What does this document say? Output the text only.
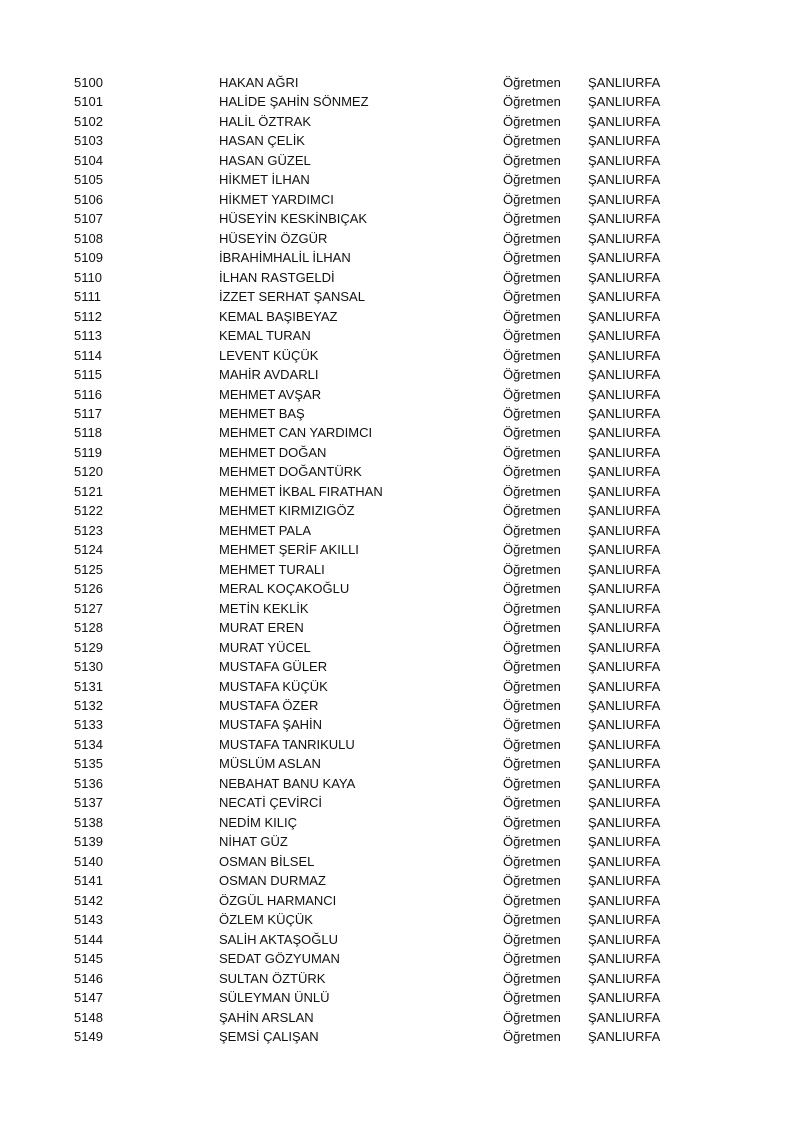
5100	HAKAN AĞRI	Öğretmen ŞANLIURFA
5101	HALİDE ŞAHİN SÖNMEZ	Öğretmen ŞANLIURFA
5102	HALİL ÖZTRAK	Öğretmen ŞANLIURFA
5103	HASAN ÇELİK	Öğretmen ŞANLIURFA
5104	HASAN GÜZEL	Öğretmen ŞANLIURFA
5105	HİKMET İLHAN	Öğretmen ŞANLIURFA
5106	HİKMET YARDIMCI	Öğretmen ŞANLIURFA
5107	HÜSEYİN KESKİNBIÇAK	Öğretmen ŞANLIURFA
5108	HÜSEYİN ÖZGÜR	Öğretmen ŞANLIURFA
5109	İBRAHİMHALİL İLHAN	Öğretmen ŞANLIURFA
5110	İLHAN RASTGELDİ	Öğretmen ŞANLIURFA
5111	İZZET SERHAT ŞANSAL	Öğretmen ŞANLIURFA
5112	KEMAL BAŞIBEYAZ	Öğretmen ŞANLIURFA
5113	KEMAL TURAN	Öğretmen ŞANLIURFA
5114	LEVENT KÜÇÜK	Öğretmen ŞANLIURFA
5115	MAHİR AVDARLI	Öğretmen ŞANLIURFA
5116	MEHMET AVŞAR	Öğretmen ŞANLIURFA
5117	MEHMET BAŞ	Öğretmen ŞANLIURFA
5118	MEHMET CAN YARDIMCI	Öğretmen ŞANLIURFA
5119	MEHMET DOĞAN	Öğretmen ŞANLIURFA
5120	MEHMET DOĞANTÜRK	Öğretmen ŞANLIURFA
5121	MEHMET İKBAL FIRATHAN	Öğretmen ŞANLIURFA
5122	MEHMET KIRMIZIGÖZ	Öğretmen ŞANLIURFA
5123	MEHMET PALA	Öğretmen ŞANLIURFA
5124	MEHMET ŞERİF AKILLI	Öğretmen ŞANLIURFA
5125	MEHMET TURALI	Öğretmen ŞANLIURFA
5126	MERAL KOÇAKOĞLU	Öğretmen ŞANLIURFA
5127	METİN KEKLİK	Öğretmen ŞANLIURFA
5128	MURAT EREN	Öğretmen ŞANLIURFA
5129	MURAT YÜCEL	Öğretmen ŞANLIURFA
5130	MUSTAFA GÜLER	Öğretmen ŞANLIURFA
5131	MUSTAFA KÜÇÜK	Öğretmen ŞANLIURFA
5132	MUSTAFA ÖZER	Öğretmen ŞANLIURFA
5133	MUSTAFA ŞAHİN	Öğretmen ŞANLIURFA
5134	MUSTAFA TANRIKULU	Öğretmen ŞANLIURFA
5135	MÜSLÜM ASLAN	Öğretmen ŞANLIURFA
5136	NEBAHAT BANU KAYA	Öğretmen ŞANLIURFA
5137	NECATİ ÇEVİRCİ	Öğretmen ŞANLIURFA
5138	NEDİM KILIÇ	Öğretmen ŞANLIURFA
5139	NİHAT GÜZ	Öğretmen ŞANLIURFA
5140	OSMAN BİLSEL	Öğretmen ŞANLIURFA
5141	OSMAN DURMAZ	Öğretmen ŞANLIURFA
5142	ÖZGÜL HARMANCI	Öğretmen ŞANLIURFA
5143	ÖZLEM KÜÇÜK	Öğretmen ŞANLIURFA
5144	SALİH AKTAŞOĞLU	Öğretmen ŞANLIURFA
5145	SEDAT GÖZYUMAN	Öğretmen ŞANLIURFA
5146	SULTAN ÖZTÜRK	Öğretmen ŞANLIURFA
5147	SÜLEYMAN ÜNLÜ	Öğretmen ŞANLIURFA
5148	ŞAHİN ARSLAN	Öğretmen ŞANLIURFA
5149	ŞEMSİ ÇALIŞAN	Öğretmen ŞANLIURFA
